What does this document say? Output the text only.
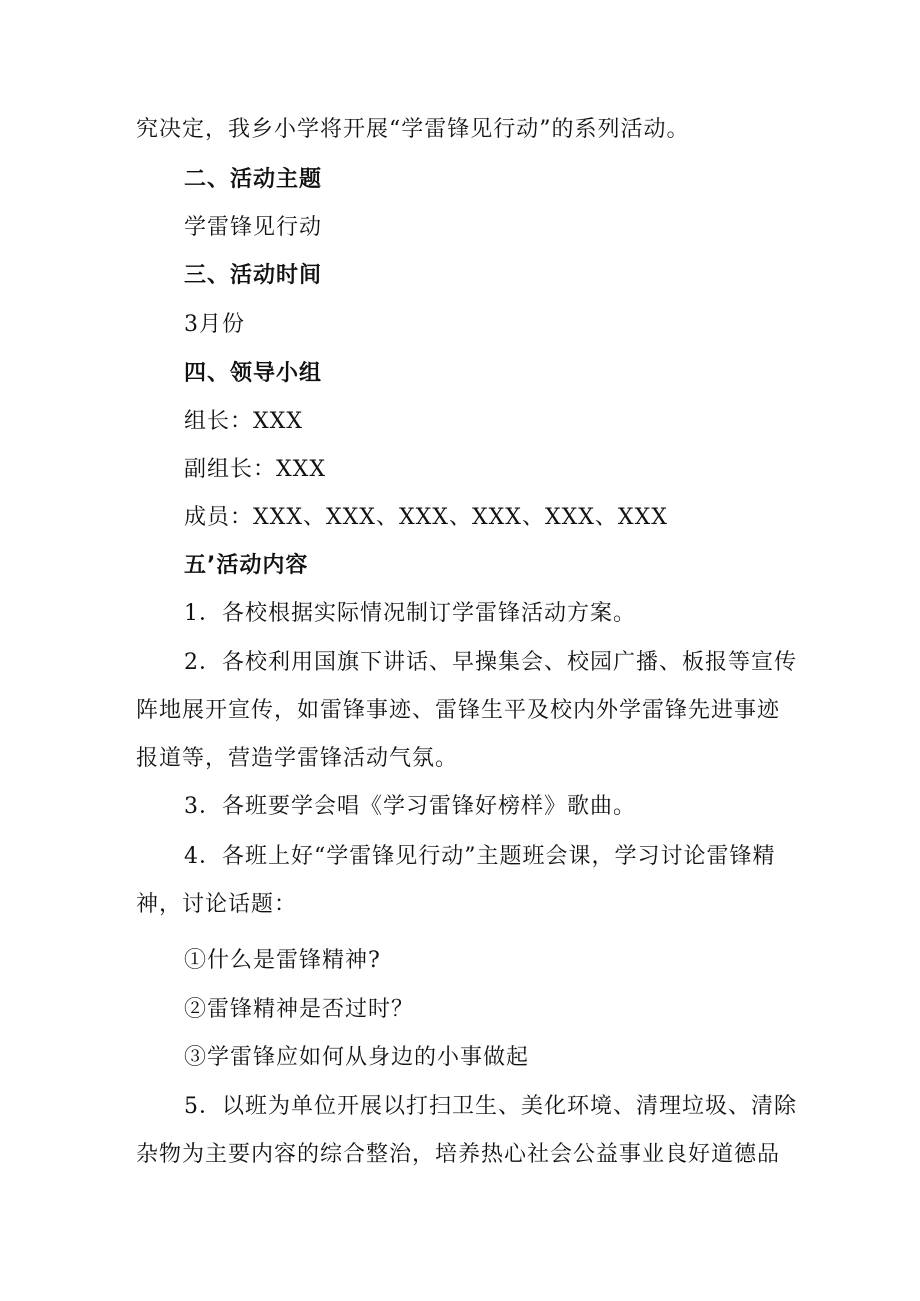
究决定，我乡小学将开展“学雷锋见行动”的系列活动。
二、活动主题
学雷锋见行动
三、活动时间
3月份
四、领导小组
组长：XXX
副组长：XXX
成员：XXX、XXX、XXX、XXX、XXX、XXX
五’活动内容
1．各校根据实际情况制订学雷锋活动方案。
2．各校利用国旗下讲话、早操集会、校园广播、板报等宣传
阵地展开宣传，如雷锋事迹、雷锋生平及校内外学雷锋先进事迹
报道等，营造学雷锋活动气氛。
3．各班要学会唱《学习雷锋好榜样》歌曲。
4．各班上好“学雷锋见行动”主题班会课，学习讨论雷锋精
神，讨论话题：
①什么是雷锋精神?
②雷锋精神是否过时？
③学雷锋应如何从身边的小事做起
5．以班为单位开展以打扫卫生、美化环境、清理垃圾、清除
杂物为主要内容的综合整治，培养热心社会公益事业良好道德品
